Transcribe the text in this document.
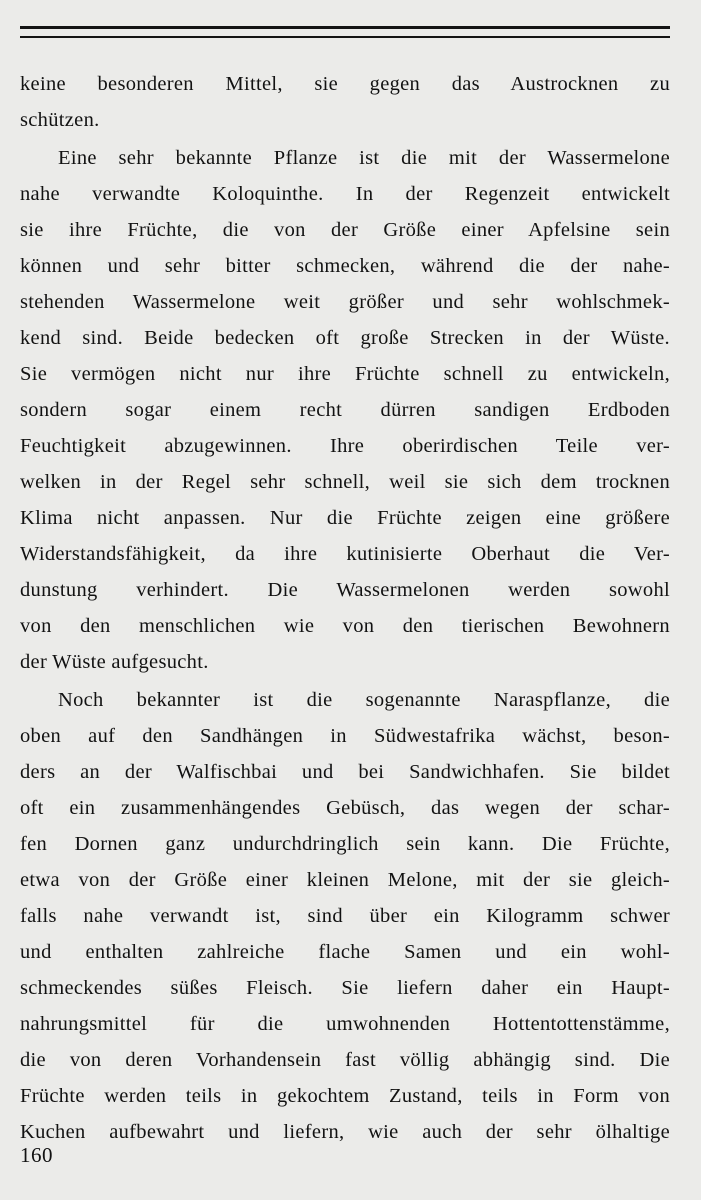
keine besonderen Mittel, sie gegen das Austrocknen zu
schützen.
Eine sehr bekannte Pflanze ist die mit der Wassermelone
nahe verwandte Koloquinthe. In der Regenzeit entwickelt
sie ihre Früchte, die von der Größe einer Apfelsine sein
können und sehr bitter schmecken, während die der nahe-
stehenden Wassermelone weit größer und sehr wohlschmek-
kend sind. Beide bedecken oft große Strecken in der Wüste.
Sie vermögen nicht nur ihre Früchte schnell zu entwickeln,
sondern sogar einem recht dürren sandigen Erdboden
Feuchtigkeit abzugewinnen. Ihre oberirdischen Teile ver-
welken in der Regel sehr schnell, weil sie sich dem trocknen
Klima nicht anpassen. Nur die Früchte zeigen eine größere
Widerstandsfähigkeit, da ihre kutinisierte Oberhaut die Ver-
dunstung verhindert. Die Wassermelonen werden sowohl
von den menschlichen wie von den tierischen Bewohnern
der Wüste aufgesucht.
Noch bekannter ist die sogenannte Naraspflanze, die
oben auf den Sandhängen in Südwestafrika wächst, beson-
ders an der Walfischbai und bei Sandwichhafen. Sie bildet
oft ein zusammenhängendes Gebüsch, das wegen der schar-
fen Dornen ganz undurchdringlich sein kann. Die Früchte,
etwa von der Größe einer kleinen Melone, mit der sie gleich-
falls nahe verwandt ist, sind über ein Kilogramm schwer
und enthalten zahlreiche flache Samen und ein wohl-
schmeckendes süßes Fleisch. Sie liefern daher ein Haupt-
nahrungsmittel für die umwohnenden Hottentottenstämme,
die von deren Vorhandensein fast völlig abhängig sind. Die
Früchte werden teils in gekochtem Zustand, teils in Form von
Kuchen aufbewahrt und liefern, wie auch der sehr ölhaltige
160
